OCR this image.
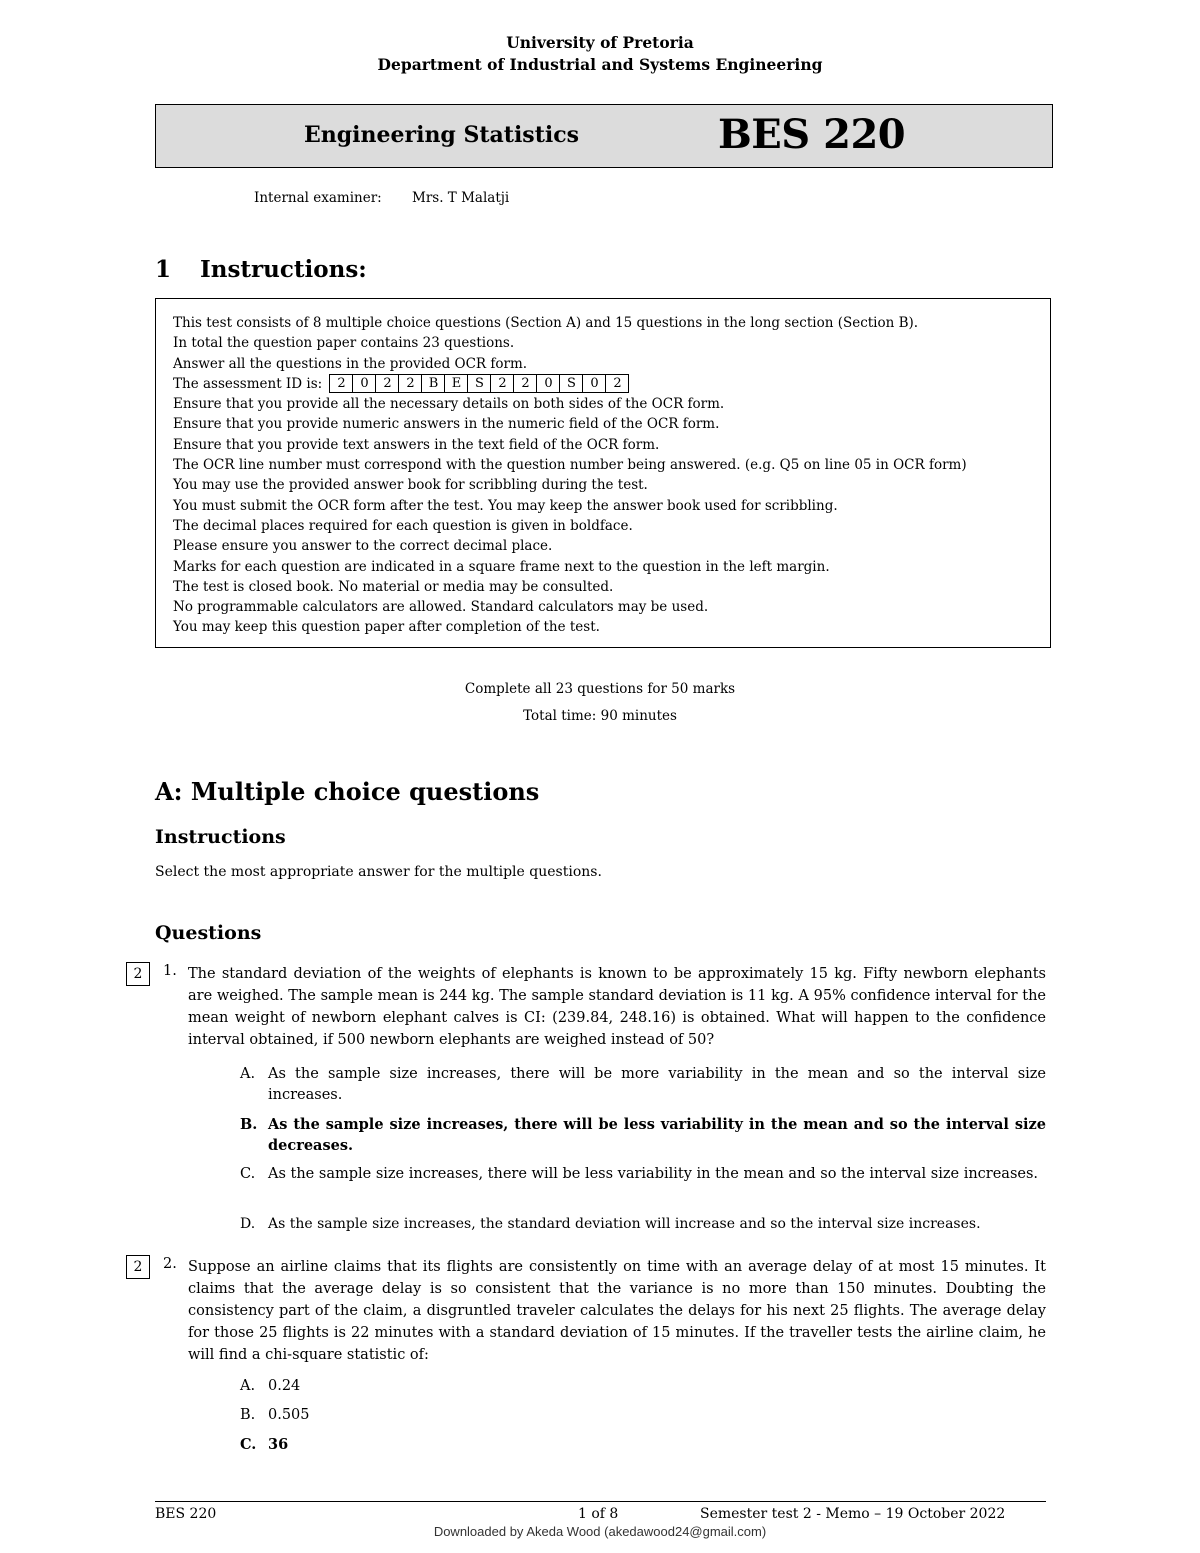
University of Pretoria
Department of Industrial and Systems Engineering
Engineering Statistics	BES 220
Internal examiner: Mrs. T Malatji
1 Instructions:
This test consists of 8 multiple choice questions (Section A) and 15 questions in the long section (Section B).
In total the question paper contains 23 questions.
Answer all the questions in the provided OCR form.
The assessment ID is:	2	0	2	2	B	E	S	2	2	0	S	0	2
Ensure that you provide all the necessary details on both sides of the OCR form.
Ensure that you provide numeric answers in the numeric field of the OCR form.
Ensure that you provide text answers in the text field of the OCR form.
The OCR line number must correspond with the question number being answered. (e.g. Q5 on line 05 in OCR form)
You may use the provided answer book for scribbling during the test.
You must submit the OCR form after the test. You may keep the answer book used for scribbling.
The decimal places required for each question is given in boldface.
Please ensure you answer to the correct decimal place.
Marks for each question are indicated in a square frame next to the question in the left margin.
The test is closed book. No material or media may be consulted.
No programmable calculators are allowed. Standard calculators may be used.
You may keep this question paper after completion of the test.
Complete all 23 questions for 50 marks
Total time: 90 minutes
A: Multiple choice questions
Instructions
Select the most appropriate answer for the multiple questions.
Questions
2	1. The standard deviation of the weights of elephants is known to be approximately 15 kg. Fifty newborn elephants are weighed. The sample mean is 244 kg. The sample standard deviation is 11 kg. A 95% confidence interval for the mean weight of newborn elephant calves is CI: (239.84, 248.16) is obtained. What will happen to the confidence interval obtained, if 500 newborn elephants are weighed instead of 50?
A. As the sample size increases, there will be more variability in the mean and so the interval size increases.
B. As the sample size increases, there will be less variability in the mean and so the interval size decreases.
C. As the sample size increases, there will be less variability in the mean and so the interval size increases.
D. As the sample size increases, the standard deviation will increase and so the interval size increases.
2	2. Suppose an airline claims that its flights are consistently on time with an average delay of at most 15 minutes. It claims that the average delay is so consistent that the variance is no more than 150 minutes. Doubting the consistency part of the claim, a disgruntled traveler calculates the delays for his next 25 flights. The average delay for those 25 flights is 22 minutes with a standard deviation of 15 minutes. If the traveller tests the airline claim, he will find a chi-square statistic of:
A. 0.24
B. 0.505
C. 36
BES 220	1 of 8	Semester test 2 - Memo – 19 October 2022
Downloaded by Akeda Wood (akedawood24@gmail.com)
